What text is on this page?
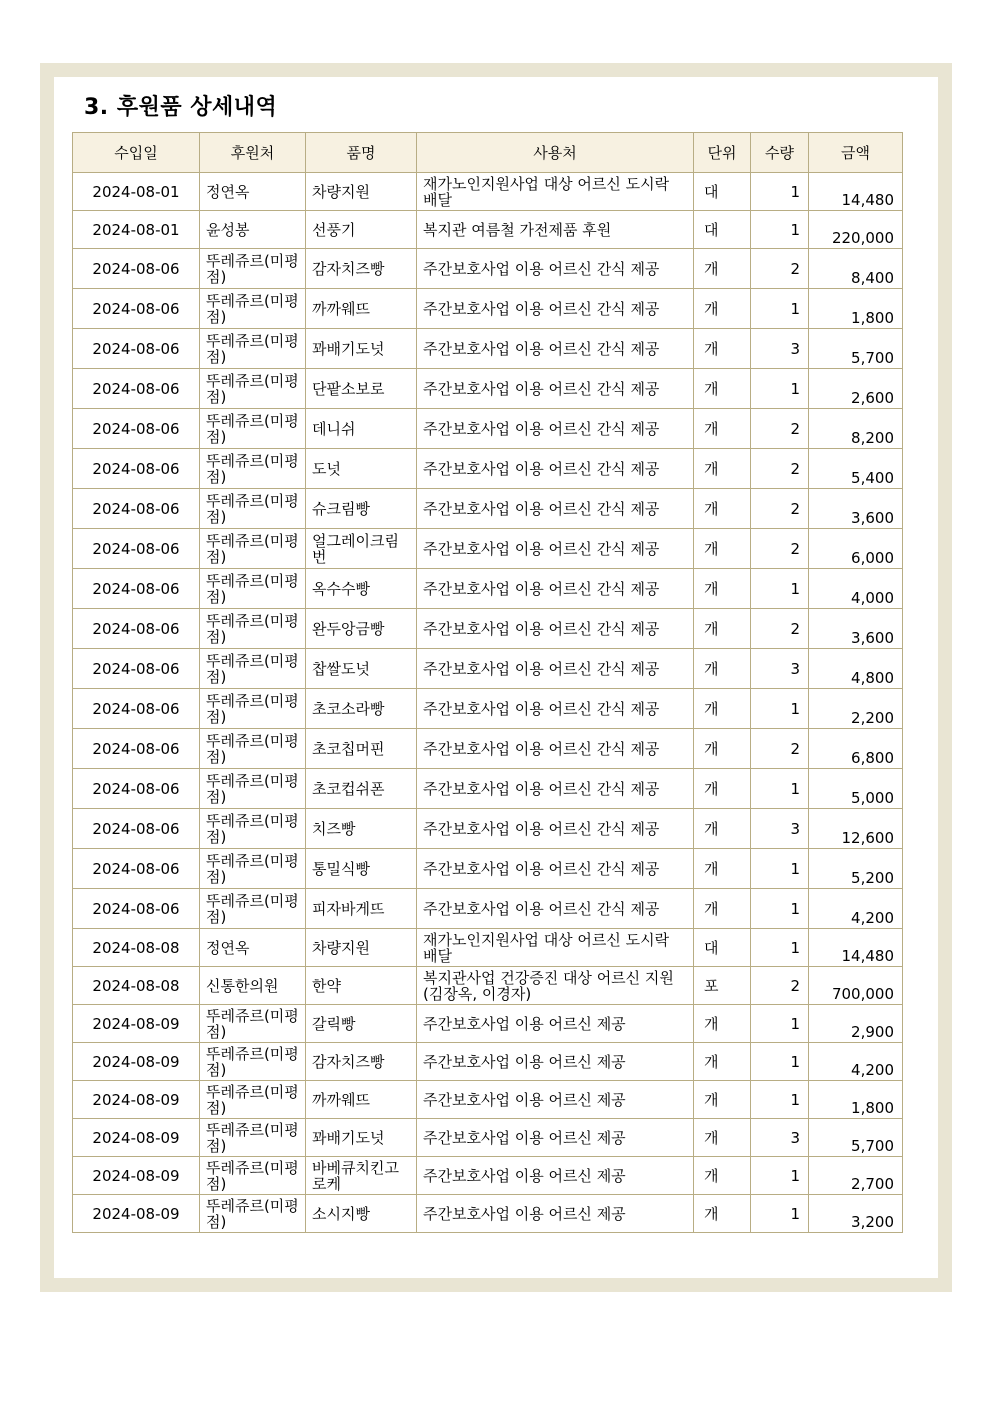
3. 후원품 상세내역
수입일	후원처	품명	사용처	단위	수량	금액
2024-08-01	정연옥	차량지원	재가노인지원사업 대상 어르신 도시락 배달	대	1	14,480
2024-08-01	윤성봉	선풍기	복지관 여름철 가전제품 후원	대	1	220,000
2024-08-06	뚜레쥬르(미평점)	감자치즈빵	주간보호사업 이용 어르신 간식 제공	개	2	8,400
2024-08-06	뚜레쥬르(미평점)	까까웨뜨	주간보호사업 이용 어르신 간식 제공	개	1	1,800
2024-08-06	뚜레쥬르(미평점)	꽈배기도넛	주간보호사업 이용 어르신 간식 제공	개	3	5,700
2024-08-06	뚜레쥬르(미평점)	단팥소보로	주간보호사업 이용 어르신 간식 제공	개	1	2,600
2024-08-06	뚜레쥬르(미평점)	데니쉬	주간보호사업 이용 어르신 간식 제공	개	2	8,200
2024-08-06	뚜레쥬르(미평점)	도넛	주간보호사업 이용 어르신 간식 제공	개	2	5,400
2024-08-06	뚜레쥬르(미평점)	슈크림빵	주간보호사업 이용 어르신 간식 제공	개	2	3,600
2024-08-06	뚜레쥬르(미평점)	얼그레이크림번	주간보호사업 이용 어르신 간식 제공	개	2	6,000
2024-08-06	뚜레쥬르(미평점)	옥수수빵	주간보호사업 이용 어르신 간식 제공	개	1	4,000
2024-08-06	뚜레쥬르(미평점)	완두앙금빵	주간보호사업 이용 어르신 간식 제공	개	2	3,600
2024-08-06	뚜레쥬르(미평점)	찹쌀도넛	주간보호사업 이용 어르신 간식 제공	개	3	4,800
2024-08-06	뚜레쥬르(미평점)	초코소라빵	주간보호사업 이용 어르신 간식 제공	개	1	2,200
2024-08-06	뚜레쥬르(미평점)	초코칩머핀	주간보호사업 이용 어르신 간식 제공	개	2	6,800
2024-08-06	뚜레쥬르(미평점)	초코컵쉬폰	주간보호사업 이용 어르신 간식 제공	개	1	5,000
2024-08-06	뚜레쥬르(미평점)	치즈빵	주간보호사업 이용 어르신 간식 제공	개	3	12,600
2024-08-06	뚜레쥬르(미평점)	통밀식빵	주간보호사업 이용 어르신 간식 제공	개	1	5,200
2024-08-06	뚜레쥬르(미평점)	피자바게뜨	주간보호사업 이용 어르신 간식 제공	개	1	4,200
2024-08-08	정연옥	차량지원	재가노인지원사업 대상 어르신 도시락 배달	대	1	14,480
2024-08-08	신통한의원	한약	복지관사업 건강증진 대상 어르신 지원(김장옥, 이경자)	포	2	700,000
2024-08-09	뚜레쥬르(미평점)	갈릭빵	주간보호사업 이용 어르신 제공	개	1	2,900
2024-08-09	뚜레쥬르(미평점)	감자치즈빵	주간보호사업 이용 어르신 제공	개	1	4,200
2024-08-09	뚜레쥬르(미평점)	까까웨뜨	주간보호사업 이용 어르신 제공	개	1	1,800
2024-08-09	뚜레쥬르(미평점)	꽈배기도넛	주간보호사업 이용 어르신 제공	개	3	5,700
2024-08-09	뚜레쥬르(미평점)	바베큐치킨고로케	주간보호사업 이용 어르신 제공	개	1	2,700
2024-08-09	뚜레쥬르(미평점)	소시지빵	주간보호사업 이용 어르신 제공	개	1	3,200
